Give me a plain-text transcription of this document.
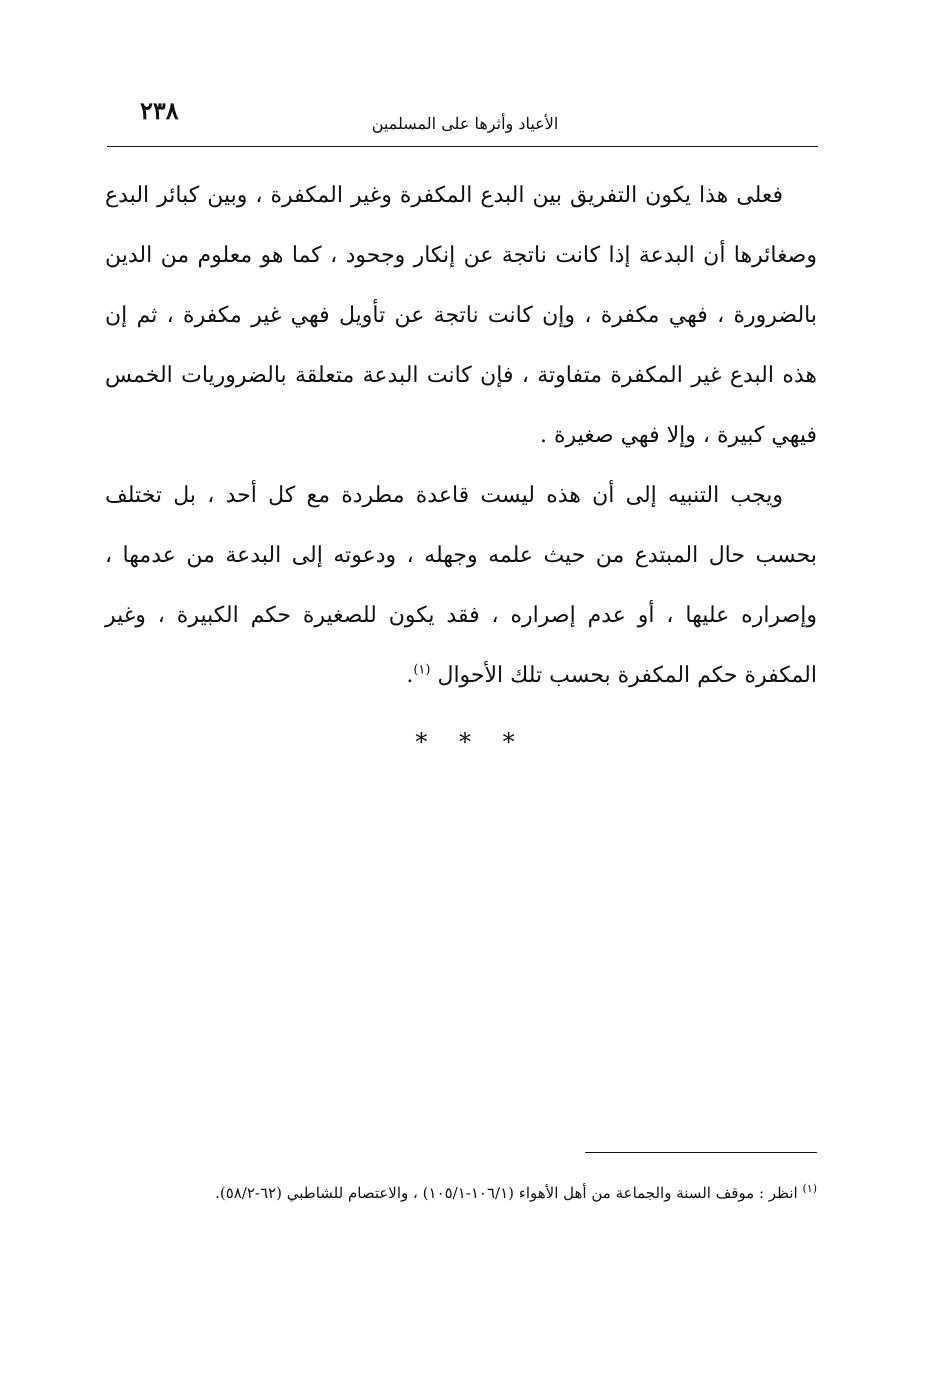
٢٣٨	الأعياد وأثرها على المسلمين

فعلى هذا يكون التفريق بين البدع المكفرة وغير المكفرة ، وبين كبائر البدع وصغائرها أن البدعة إذا كانت ناتجة عن إنكار وجحود ، كما هو معلوم من الدين بالضرورة ، فهي مكفرة ، وإن كانت ناتجة عن تأويل فهي غير مكفرة ، ثم إن هذه البدع غير المكفرة متفاوتة ، فإن كانت البدعة متعلقة بالضروريات الخمس فيهي كبيرة ، وإلا فهي صغيرة .

ويجب التنبيه إلى أن هذه ليست قاعدة مطردة مع كل أحد ، بل تختلف بحسب حال المبتدع من حيث علمه وجهله ، ودعوته إلى البدعة من عدمها ، وإصراره عليها ، أو عدم إصراره ، فقد يكون للصغيرة حكم الكبيرة ، وغير المكفرة حكم المكفرة بحسب تلك الأحوال $^{(١)}$.

* * *
$^{(١)}$ انظر : موقف السنة والجماعة من أهل الأهواء (١٠٦/١-١٠٥/١) ، والاعتصام للشاطبي (٦٢-٥٨/٢).
